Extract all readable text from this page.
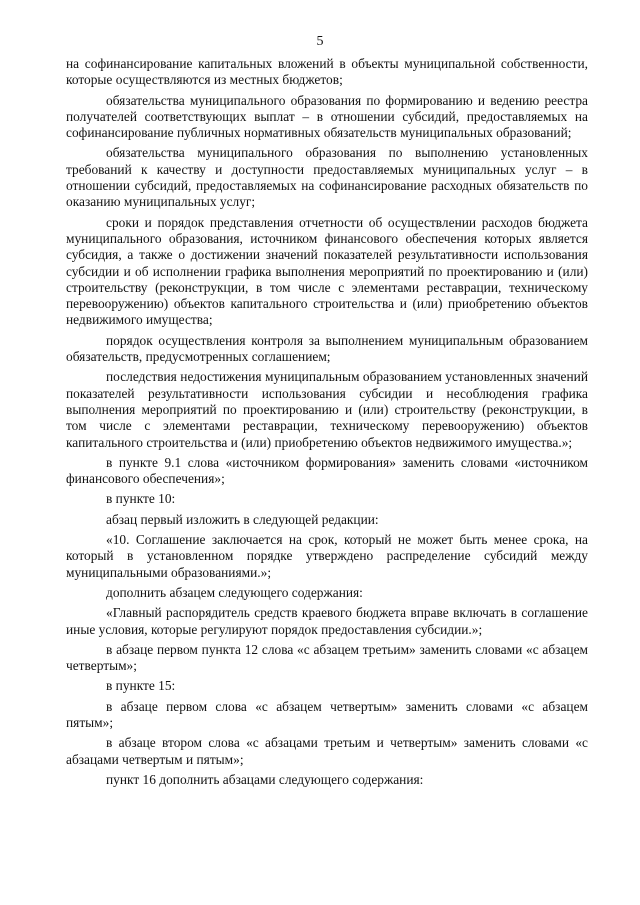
5

на софинансирование капитальных вложений в объекты муниципальной собственности, которые осуществляются из местных бюджетов;

обязательства муниципального образования по формированию и ведению реестра получателей соответствующих выплат – в отношении субсидий, предоставляемых на софинансирование публичных нормативных обязательств муниципальных образований;

обязательства муниципального образования по выполнению установленных требований к качеству и доступности предоставляемых муниципальных услуг – в отношении субсидий, предоставляемых на софинансирование расходных обязательств по оказанию муниципальных услуг;

сроки и порядок представления отчетности об осуществлении расходов бюджета муниципального образования, источником финансового обеспечения которых является субсидия, а также о достижении значений показателей результативности использования субсидии и об исполнении графика выполнения мероприятий по проектированию и (или) строительству (реконструкции, в том числе с элементами реставрации, техническому перевооружению) объектов капитального строительства и (или) приобретению объектов недвижимого имущества;

порядок осуществления контроля за выполнением муниципальным образованием обязательств, предусмотренных соглашением;

последствия недостижения муниципальным образованием установленных значений показателей результативности использования субсидии и несоблюдения графика выполнения мероприятий по проектированию и (или) строительству (реконструкции, в том числе с элементами реставрации, техническому перевооружению) объектов капитального строительства и (или) приобретению объектов недвижимого имущества.»;

в пункте 9.1 слова «источником формирования» заменить словами «источником финансового обеспечения»;

в пункте 10:

абзац первый изложить в следующей редакции:

«10. Соглашение заключается на срок, который не может быть менее срока, на который в установленном порядке утверждено распределение субсидий между муниципальными образованиями.»;

дополнить абзацем следующего содержания:

«Главный распорядитель средств краевого бюджета вправе включать в соглашение иные условия, которые регулируют порядок предоставления субсидии.»;

в абзаце первом пункта 12 слова «с абзацем третьим» заменить словами «с абзацем четвертым»;

в пункте 15:

в абзаце первом слова «с абзацем четвертым» заменить словами «с абзацем пятым»;

в абзаце втором слова «с абзацами третьим и четвертым» заменить словами «с абзацами четвертым и пятым»;

пункт 16 дополнить абзацами следующего содержания:
